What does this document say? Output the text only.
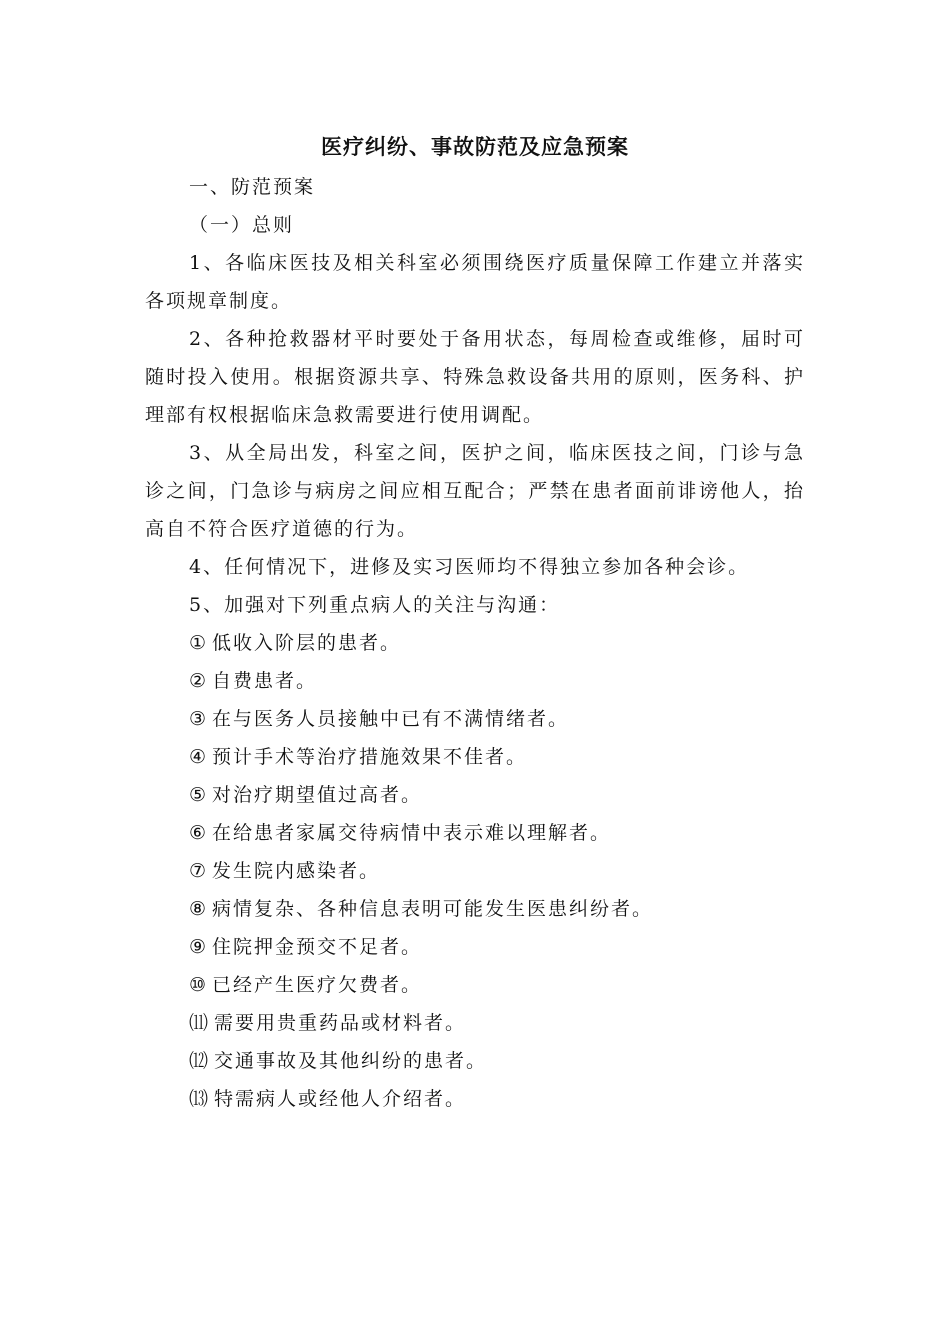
医疗纠纷、事故防范及应急预案

一、防范预案

（一）总则

1、各临床医技及相关科室必须围绕医疗质量保障工作建立并落实各项规章制度。

2、各种抢救器材平时要处于备用状态，每周检查或维修，届时可随时投入使用。根据资源共享、特殊急救设备共用的原则，医务科、护理部有权根据临床急救需要进行使用调配。

3、从全局出发，科室之间，医护之间，临床医技之间，门诊与急诊之间，门急诊与病房之间应相互配合；严禁在患者面前诽谤他人，抬高自不符合医疗道德的行为。

4、任何情况下，进修及实习医师均不得独立参加各种会诊。

5、加强对下列重点病人的关注与沟通：

① 低收入阶层的患者。

② 自费患者。

③ 在与医务人员接触中已有不满情绪者。

④ 预计手术等治疗措施效果不佳者。

⑤ 对治疗期望值过高者。

⑥ 在给患者家属交待病情中表示难以理解者。

⑦ 发生院内感染者。

⑧ 病情复杂、各种信息表明可能发生医患纠纷者。

⑨ 住院押金预交不足者。

⑩ 已经产生医疗欠费者。

⑾ 需要用贵重药品或材料者。

⑿ 交通事故及其他纠纷的患者。

⒀ 特需病人或经他人介绍者。
